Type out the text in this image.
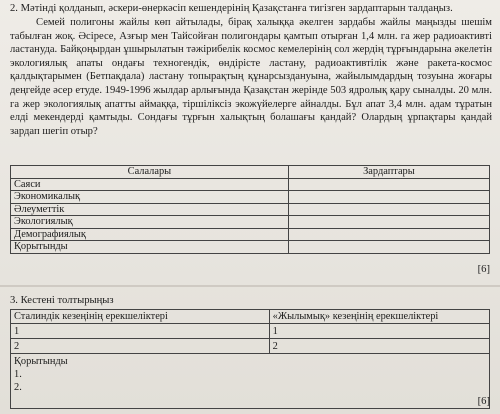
2. Мәтінді қолданып, әскери-өнеркәсіп кешендерінің Қазақстанға тигізген зардаптарын талдаңыз.

Семей полигоны жайлы көп айтылады, бірақ халыққа әкелген зардабы жайлы маңызды шешім табылған жоқ. Әсіресе, Азғыр мен Тайсойған полигондары қамтып отырған 1,4 млн. га жер радиоактивті ластануда. Байқоңырдан ұшырылатын тәжірибелік космос кемелерінің сол жердің тұрғындарына әкелетін экологиялық апаты ондағы техногендік, өндірісте ластану, радиоактивтілік және ракета-космос қалдықтарымен (Бетпақдала) ластану топырақтың құнарсыздануына, жайылымдардың тозуына жоғары деңгейде әсер етуде. 1949-1996 жылдар арлығында Қазақстан жерінде 503 ядролық қару сыналды. 20 млн. га жер экологиялық апатты аймаққа, тіршіліксіз экожүйелерге айналды. Бұл апат 3,4 млн. адам тұратын елді мекендерді қамтыды. Сондағы тұрғын халықтың болашағы қандай? Олардың ұрпақтары қандай зардап шегіп отыр?

Салалары	Зардаптары
Саяси	
Экономикалық	
Әлеуметтік	
Экологиялық	
Демографиялық	
Қорытынды	
[6]

3. Кестені толтырыңыз

Сталиндік кезеңінің ерекшеліктері	«Жылымық» кезеңінің ерекшеліктері
1	1
2	2
Қорытынды
1.
2.
[6]
